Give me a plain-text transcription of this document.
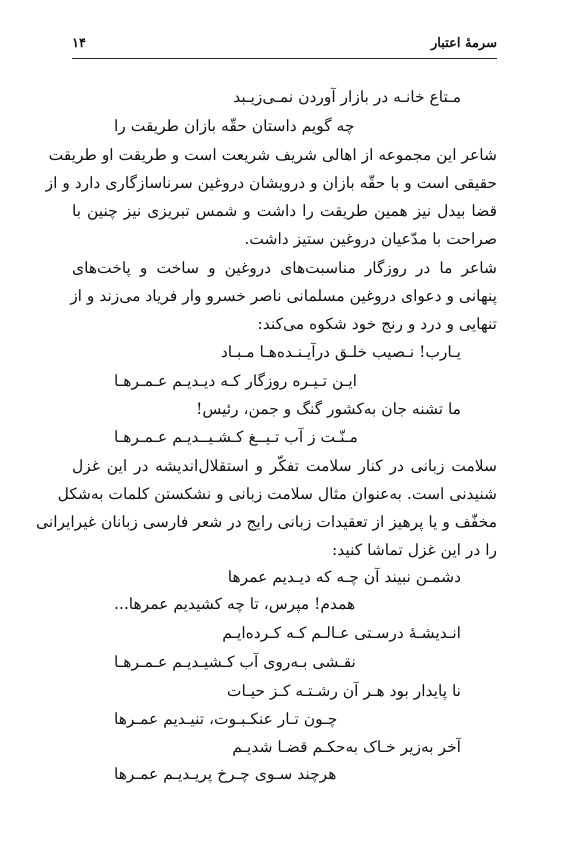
سرمهٔ اعتبار
۱۴
مـتاع خانـه در بازار آوردن نمـی‌زیـبد
چه گویم داستان حقّه بازان طریقت را
شاعر این مجموعه از اهالی شریف شریعت است و طریقت او طریقت
حقیقی است و با حقّه بازان و درویشان دروغین سرناسازگاری دارد و از
قضا بیدل نیز همین طریقت را داشت و شمس تبریزی نیز چنین با
صراحت با مدّعیان دروغین ستیز داشت.
شاعر ما در روزگار مناسبت‌های دروغین و ساخت و پاخت‌های
پنهانی و دعوای دروغین مسلمانی ناصر خسرو وار فریاد می‌زند و از
تنهایی و درد و رنج خود شکوه می‌کند:
یـارب! نـصیب خلـق درآیـنـده‌هـا مـبـاد
ایـن تـیـره روزگار کـه دیـدیـم عـمـرهـا
ما تشنه جان به‌کشور گنگ و جمن، رئیس!
مـنّـت ز آب تـیــغ کـشـیــدیـم عـمـرهـا
سلامت زبانی در کنار سلامت تفکّر و استقلال‌اندیشه در این غزل
شنیدنی است. به‌عنوان مثال سلامت زبانی و نشکستن کلمات به‌شکل
مخفّف و یا پرهیز از تعقیدات زبانی رایج در شعر فارسی زبانان غیرایرانی
را در این غزل تماشا کنید:
دشمـن نبیند آن چـه که دیـدیم عمرها
همدم! مپرس، تا چه کشیدیم عمرها...
انـدیشـهٔ درسـتی عـالـم کـه کـرده‌ایـم
نقـشی بـه‌روی آب کـشیـدیـم عـمـرهـا
نا پایدار بود هـر آن رشـتـه کـز حیـات
چـون تـار عنکـبـوت، تنیـدیم عمـرها
آخر به‌زیر خـاک به‌حکـم قضـا شدیـم
هرچند سـوی چـرخ پریـدیـم عمـرها
